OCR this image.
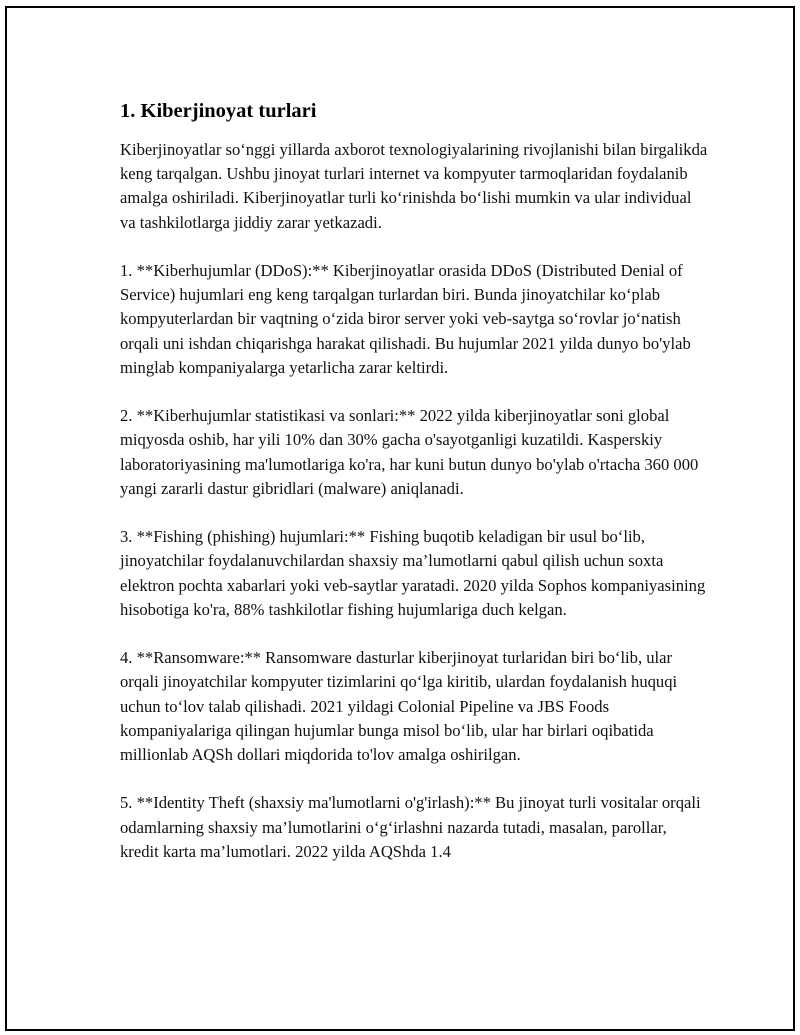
1. Kiberjinoyat turlari

Kiberjinoyatlar so‘nggi yillarda axborot texnologiyalarining rivojlanishi bilan birgalikda keng tarqalgan. Ushbu jinoyat turlari internet va kompyuter tarmoqlaridan foydalanib amalga oshiriladi. Kiberjinoyatlar turli ko‘rinishda bo‘lishi mumkin va ular individual va tashkilotlarga jiddiy zarar yetkazadi.

1. **Kiberhujumlar (DDoS):** Kiberjinoyatlar orasida DDoS (Distributed Denial of Service) hujumlari eng keng tarqalgan turlardan biri. Bunda jinoyatchilar ko‘plab kompyuterlardan bir vaqtning o‘zida biror server yoki veb-saytga so‘rovlar jo‘natish orqali uni ishdan chiqarishga harakat qilishadi. Bu hujumlar 2021 yilda dunyo bo'ylab minglab kompaniyalarga yetarlicha zarar keltirdi.

2. **Kiberhujumlar statistikasi va sonlari:** 2022 yilda kiberjinoyatlar soni global miqyosda oshib, har yili 10% dan 30% gacha o'sayotganligi kuzatildi. Kasperskiy laboratoriyasining ma'lumotlariga ko'ra, har kuni butun dunyo bo'ylab o'rtacha 360 000 yangi zararli dastur gibridlari (malware) aniqlanadi.

3. **Fishing (phishing) hujumlari:** Fishing buqotib keladigan bir usul bo‘lib, jinoyatchilar foydalanuvchilardan shaxsiy ma’lumotlarni qabul qilish uchun soxta elektron pochta xabarlari yoki veb-saytlar yaratadi. 2020 yilda Sophos kompaniyasining hisobotiga ko'ra, 88% tashkilotlar fishing hujumlariga duch kelgan.

4. **Ransomware:** Ransomware dasturlar kiberjinoyat turlaridan biri bo‘lib, ular orqali jinoyatchilar kompyuter tizimlarini qo‘lga kiritib, ulardan foydalanish huquqi uchun to‘lov talab qilishadi. 2021 yildagi Colonial Pipeline va JBS Foods kompaniyalariga qilingan hujumlar bunga misol bo‘lib, ular har birlari oqibatida millionlab AQSh dollari miqdorida to'lov amalga oshirilgan.

5. **Identity Theft (shaxsiy ma'lumotlarni o'g'irlash):** Bu jinoyat turli vositalar orqali odamlarning shaxsiy ma’lumotlarini o‘g‘irlashni nazarda tutadi, masalan, parollar, kredit karta ma’lumotlari. 2022 yilda AQShda 1.4
